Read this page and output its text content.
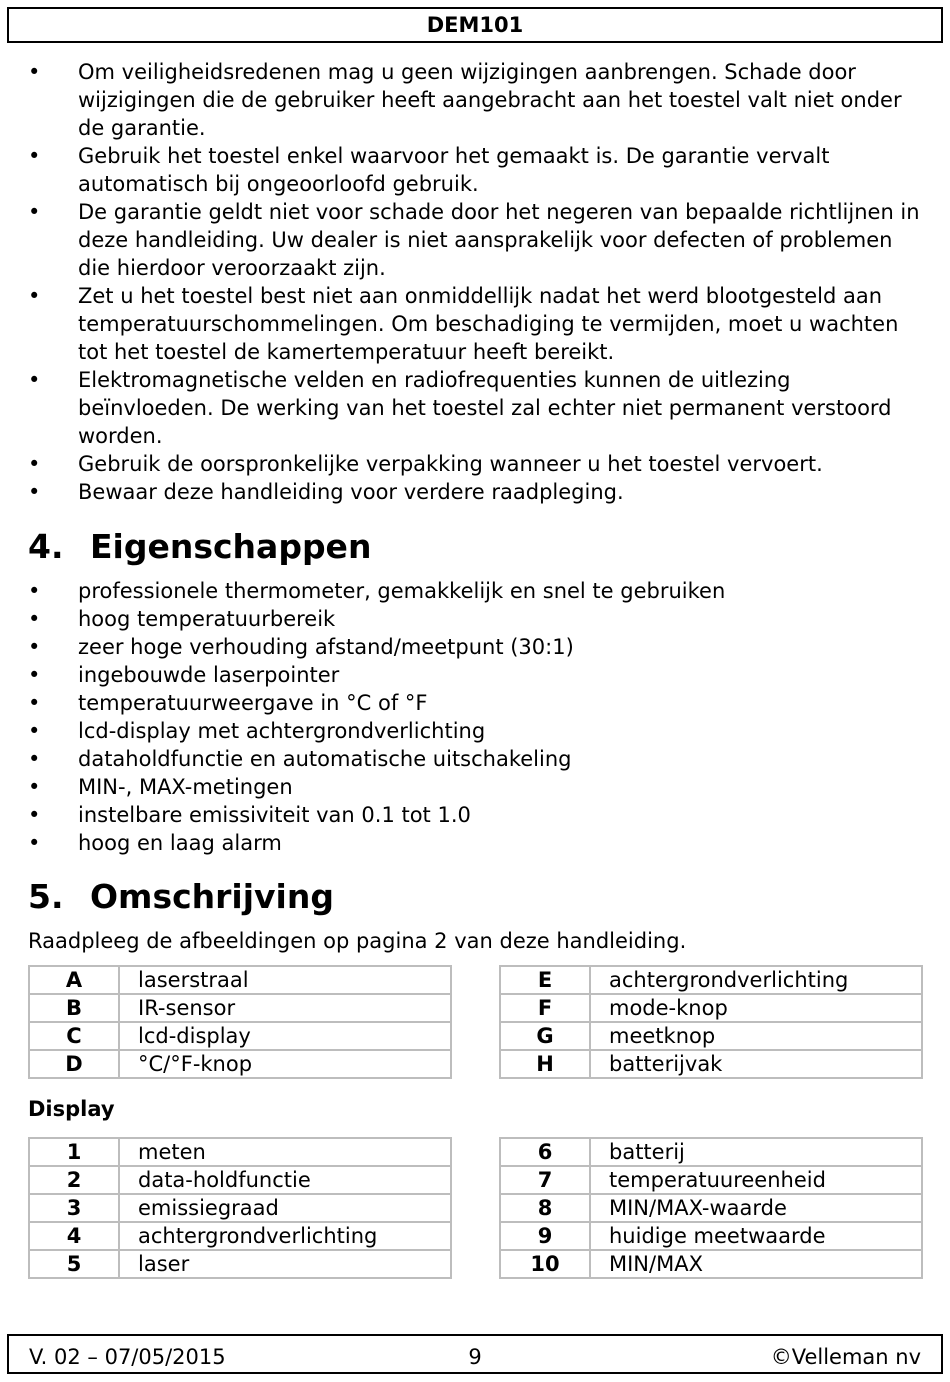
DEM101
• Om veiligheidsredenen mag u geen wijzigingen aanbrengen. Schade door wijzigingen die de gebruiker heeft aangebracht aan het toestel valt niet onder de garantie.
• Gebruik het toestel enkel waarvoor het gemaakt is. De garantie vervalt automatisch bij ongeoorloofd gebruik.
• De garantie geldt niet voor schade door het negeren van bepaalde richtlijnen in deze handleiding. Uw dealer is niet aansprakelijk voor defecten of problemen die hierdoor veroorzaakt zijn.
• Zet u het toestel best niet aan onmiddellijk nadat het werd blootgesteld aan temperatuurschommelingen. Om beschadiging te vermijden, moet u wachten tot het toestel de kamertemperatuur heeft bereikt.
• Elektromagnetische velden en radiofrequenties kunnen de uitlezing beïnvloeden. De werking van het toestel zal echter niet permanent verstoord worden.
• Gebruik de oorspronkelijke verpakking wanneer u het toestel vervoert.
• Bewaar deze handleiding voor verdere raadpleging.
4. Eigenschappen
• professionele thermometer, gemakkelijk en snel te gebruiken
• hoog temperatuurbereik
• zeer hoge verhouding afstand/meetpunt (30:1)
• ingebouwde laserpointer
• temperatuurweergave in °C of °F
• lcd-display met achtergrondverlichting
• dataholdfunctie en automatische uitschakeling
• MIN-, MAX-metingen
• instelbare emissiviteit van 0.1 tot 1.0
• hoog en laag alarm
5. Omschrijving
Raadpleeg de afbeeldingen op pagina 2 van deze handleiding.
A	laserstraal
B	IR-sensor
C	lcd-display
D	°C/°F-knop
E	achtergrondverlichting
F	mode-knop
G	meetknop
H	batterijvak
Display
1	meten
2	data-holdfunctie
3	emissiegraad
4	achtergrondverlichting
5	laser
6	batterij
7	temperatuureenheid
8	MIN/MAX-waarde
9	huidige meetwaarde
10	MIN/MAX
V. 02 – 07/05/2015	9	©Velleman nv
